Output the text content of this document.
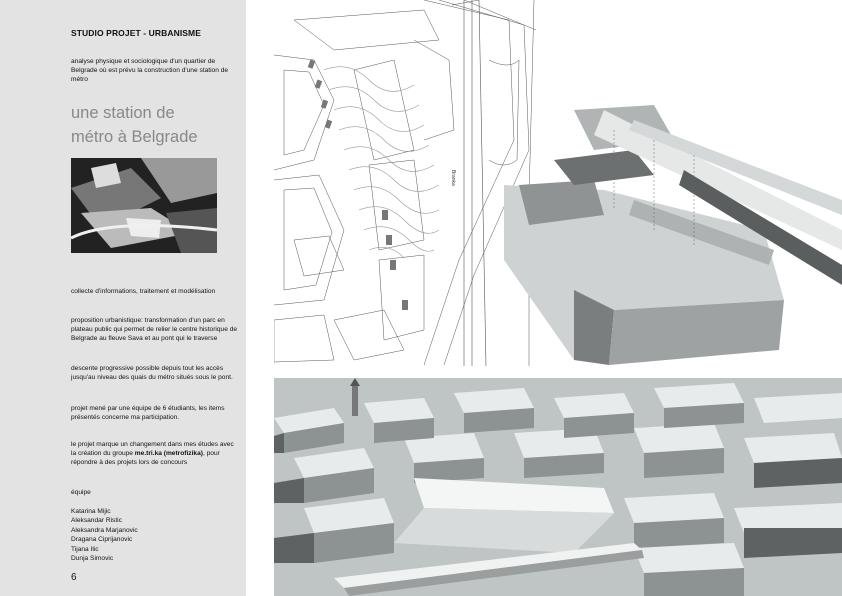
STUDIO PROJET - URBANISME
analyse physique et sociologique d'un quartier de Belgrade où est prévu la construction d'une station de métro
une station de
métro à Belgrade
collecte d'informations, traitement et modélisation
proposition urbanistique: transformation d'un parc en plateau public qui permet de relier le centre historique de Belgrade au fleuve Sava et au pont qui le traverse
descente progressive possible depuis tout les accès jusqu'au niveau des quais du métro situés sous le pont.
projet mené par une équipe de 6 étudiants, les items présentés concerne ma participation.
le projet marque un changement dans mes études avec la création du groupe me.tri.ka (metrofizika), pour répondre à des projets lors de concours
équipe
Katarina Mijic
Aleksandar Ristic
Aleksandra Marjanovic
Dragana Ciprijanovic
Tijana Ilic
Dunja Simovic
6
Branka
